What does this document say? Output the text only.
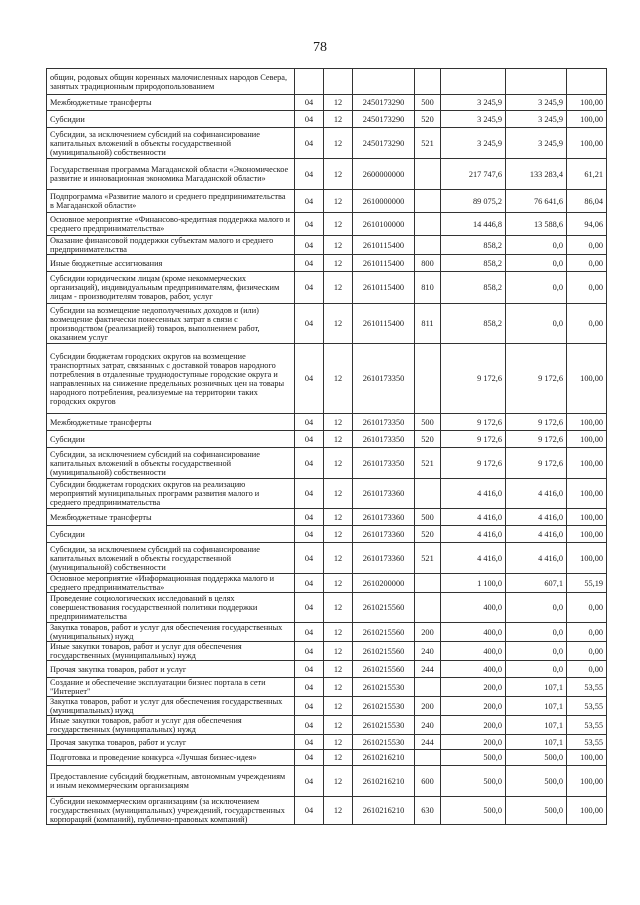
78
общин, родовых общин коренных малочисленных народов Севера, занятых традиционным природопользованием							
Межбюджетные трансферты	04	12	2450173290	500	3 245,9	3 245,9	100,00
Субсидии	04	12	2450173290	520	3 245,9	3 245,9	100,00
Субсидии, за исключением субсидий на софинансирование капитальных вложений в объекты государственной (муниципальной) собственности	04	12	2450173290	521	3 245,9	3 245,9	100,00
Государственная программа Магаданской области «Экономическое развитие и инновационная экономика Магаданской области»	04	12	2600000000		217 747,6	133 283,4	61,21
Подпрограмма «Развитие малого и среднего предпринимательства в Магаданской области»	04	12	2610000000		89 075,2	76 641,6	86,04
Основное мероприятие «Финансово-кредитная поддержка малого и среднего предпринимательства»	04	12	2610100000		14 446,8	13 588,6	94,06
Оказание финансовой поддержки субъектам малого и среднего предпринимательства	04	12	2610115400		858,2	0,0	0,00
Иные бюджетные ассигнования	04	12	2610115400	800	858,2	0,0	0,00
Субсидии юридическим лицам (кроме некоммерческих организаций), индивидуальным предпринимателям, физическим лицам - производителям товаров, работ, услуг	04	12	2610115400	810	858,2	0,0	0,00
Субсидии на возмещение недополученных доходов и (или) возмещение фактически понесенных затрат в связи с производством (реализацией) товаров, выполнением работ, оказанием услуг	04	12	2610115400	811	858,2	0,0	0,00
Субсидии бюджетам городских округов на возмещение транспортных затрат, связанных с доставкой товаров народного потребления в отдаленные труднодоступные городские округа и направленных на снижение предельных розничных цен на товары народного потребления, реализуемые на территории таких городских округов	04	12	2610173350		9 172,6	9 172,6	100,00
Межбюджетные трансферты	04	12	2610173350	500	9 172,6	9 172,6	100,00
Субсидии	04	12	2610173350	520	9 172,6	9 172,6	100,00
Субсидии, за исключением субсидий на софинансирование капитальных вложений в объекты государственной (муниципальной) собственности	04	12	2610173350	521	9 172,6	9 172,6	100,00
Субсидии бюджетам городских округов на реализацию мероприятий муниципальных программ развития малого и среднего предпринимательства	04	12	2610173360		4 416,0	4 416,0	100,00
Межбюджетные трансферты	04	12	2610173360	500	4 416,0	4 416,0	100,00
Субсидии	04	12	2610173360	520	4 416,0	4 416,0	100,00
Субсидии, за исключением субсидий на софинансирование капитальных вложений в объекты государственной (муниципальной) собственности	04	12	2610173360	521	4 416,0	4 416,0	100,00
Основное мероприятие «Информационная поддержка малого и среднего предпринимательства»	04	12	2610200000		1 100,0	607,1	55,19
Проведение социологических исследований в целях совершенствования государственной политики поддержки предпринимательства	04	12	2610215560		400,0	0,0	0,00
Закупка товаров, работ и услуг для обеспечения государственных (муниципальных) нужд	04	12	2610215560	200	400,0	0,0	0,00
Иные закупки товаров, работ и услуг для обеспечения государственных (муниципальных) нужд	04	12	2610215560	240	400,0	0,0	0,00
Прочая закупка товаров, работ и услуг	04	12	2610215560	244	400,0	0,0	0,00
Создание и обеспечение эксплуатации бизнес портала в сети "Интернет"	04	12	26102155З0		200,0	107,1	53,55
Закупка товаров, работ и услуг для обеспечения государственных (муниципальных) нужд	04	12	26102155З0	200	200,0	107,1	53,55
Иные закупки товаров, работ и услуг для обеспечения государственных (муниципальных) нужд	04	12	26102155З0	240	200,0	107,1	53,55
Прочая закупка товаров, работ и услуг	04	12	26102155З0	244	200,0	107,1	53,55
Подготовка и проведение конкурса «Лучшая бизнес-идея»	04	12	2610216210		500,0	500,0	100,00
Предоставление субсидий бюджетным, автономным учреждениям и иным некоммерческим организациям	04	12	2610216210	600	500,0	500,0	100,00
Субсидии некоммерческим организациям (за исключением государственных (муниципальных) учреждений, государственных корпораций (компаний), публично-правовых компаний)	04	12	2610216210	630	500,0	500,0	100,00
